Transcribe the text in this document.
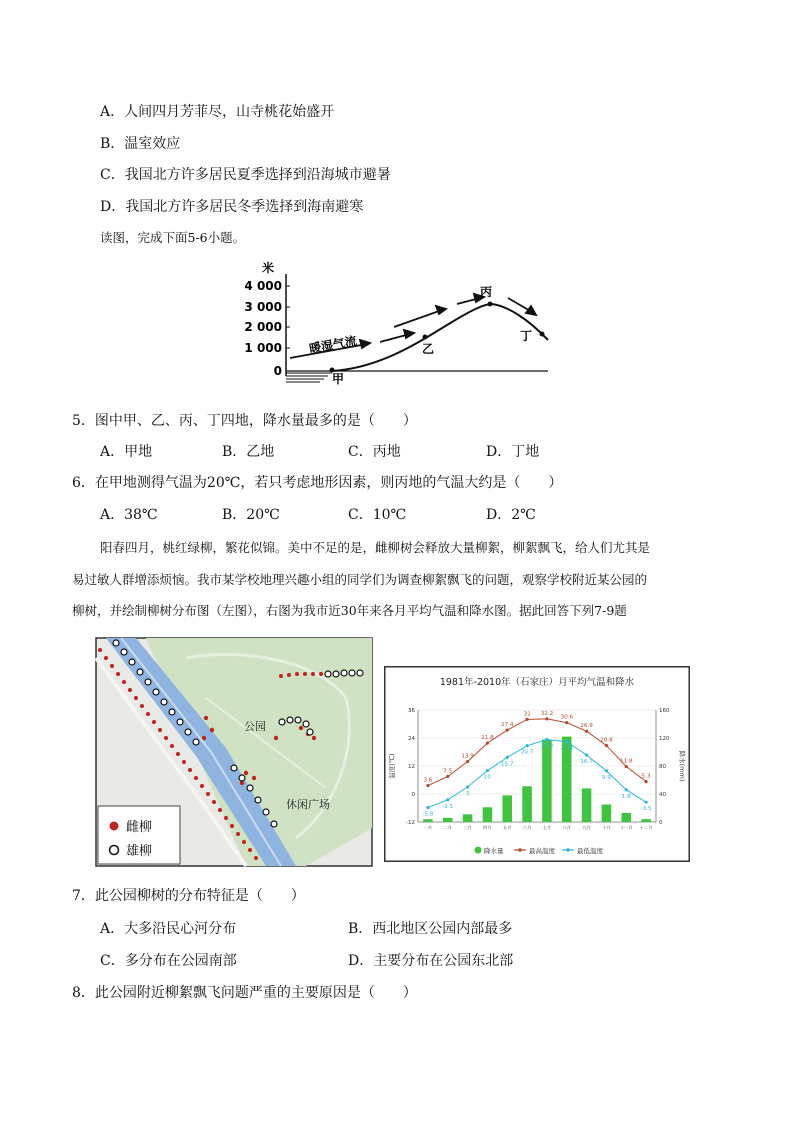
A．人间四月芳菲尽，山寺桃花始盛开
B．温室效应
C．我国北方许多居民夏季选择到沿海城市避暑
D．我国北方许多居民冬季选择到海南避寒
读图，完成下面5-6小题。
米
4 000
3 000
2 000
1 000
0
暖湿气流
甲
乙
丙
丁
5．图中甲、乙、丙、丁四地，降水量最多的是（　　）
A．甲地	B．乙地	C．丙地	D．丁地
6．在甲地测得气温为20℃，若只考虑地形因素，则丙地的气温大约是（　　）
A．38℃	B．20℃	C．10℃	D．2℃
阳春四月，桃红绿柳，繁花似锦。美中不足的是，雌柳树会释放大量柳絮，柳絮飘飞，给人们尤其是
易过敏人群增添烦恼。我市某学校地理兴趣小组的同学们为调查柳絮飘飞的问题，观察学校附近某公园的
柳树，并绘制柳树分布图（左图），右图为我市近30年来各月平均气温和降水图。据此回答下列7-9题
公园
休闲广场
雌柳
雄柳
1981年-2010年（石家庄）月平均气温和降水
温度(℃)	降水(mm)
36
24
12
0
-12
160
120
80
40
0
一月	二月	三月	四月	五月	六月	七月	八月	九月	十月 十一月 十二月
3.6
7.5
13.9
21.8
27.4
32 32.2
30.6
26.9
20.8
11.8
5.3
-5.8
-2.5
3
10
15.7
20.7
23.3 22.4
16.7
9.9
1.8
-3.5
降水量	最高温度	最低温度
7．此公园柳树的分布特征是（　　）
A．大多沿民心河分布	B．西北地区公园内部最多
C．多分布在公园南部	D．主要分布在公园东北部
8．此公园附近柳絮飘飞问题严重的主要原因是（　　）
